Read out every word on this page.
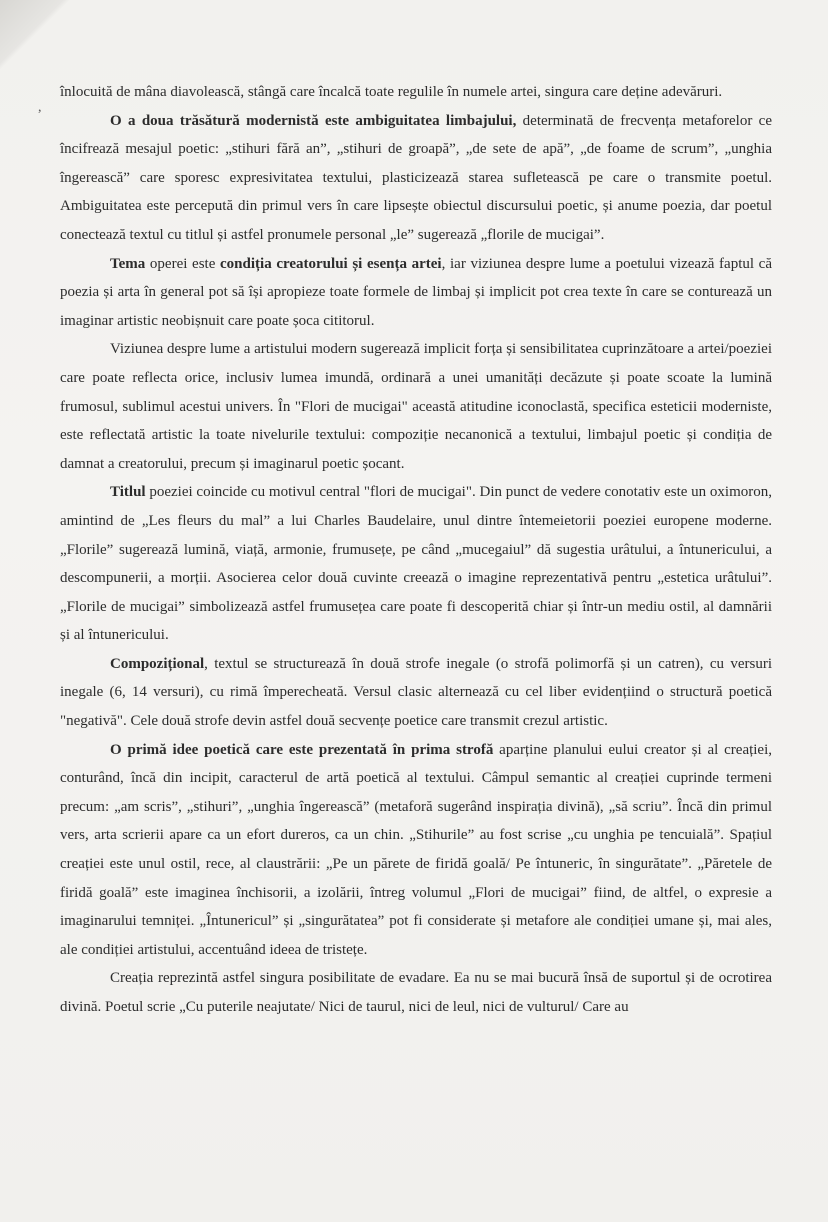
,

înlocuită de mâna diavolească, stângă care încalcă toate regulile în numele artei, singura care deține adevăruri.

O a doua trăsătură modernistă este ambiguitatea limbajului, determinată de frecvența metaforelor ce încifrează mesajul poetic: „stihuri fără an”, „stihuri de groapă”, „de sete de apă”, „de foame de scrum”, „unghia îngerească” care sporesc expresivitatea textului, plasticizează starea sufletească pe care o transmite poetul. Ambiguitatea este percepută din primul vers în care lipsește obiectul discursului poetic, și anume poezia, dar poetul conectează textul cu titlul și astfel pronumele personal „le” sugerează „florile de mucigai”.

Tema operei este condiția creatorului și esența artei, iar viziunea despre lume a poetului vizează faptul că poezia și arta în general pot să își apropieze toate formele de limbaj și implicit pot crea texte în care se conturează un imaginar artistic neobișnuit care poate șoca cititorul.

Viziunea despre lume a artistului modern sugerează implicit forța și sensibilitatea cuprinzătoare a artei/poeziei care poate reflecta orice, inclusiv lumea imundă, ordinară a unei umanități decăzute și poate scoate la lumină frumosul, sublimul acestui univers. În "Flori de mucigai" această atitudine iconoclastă, specifica esteticii moderniste, este reflectată artistic la toate nivelurile textului: compoziție necanonică a textului, limbajul poetic și condiția de damnat a creatorului, precum și imaginarul poetic șocant.

Titlul poeziei coincide cu motivul central "flori de mucigai". Din punct de vedere conotativ este un oximoron, amintind de „Les fleurs du mal” a lui Charles Baudelaire, unul dintre întemeietorii poeziei europene moderne. „Florile” sugerează lumină, viață, armonie, frumusețe, pe când „mucegaiul” dă sugestia urâtului, a întunericului, a descompunerii, a morții. Asocierea celor două cuvinte creează o imagine reprezentativă pentru „estetica urâtului”. „Florile de mucigai” simbolizează astfel frumusețea care poate fi descoperită chiar și într-un mediu ostil, al damnării și al întunericului.

Compozițional, textul se structurează în două strofe inegale (o strofă polimorfă și un catren), cu versuri inegale (6, 14 versuri), cu rimă împerecheată. Versul clasic alternează cu cel liber evidențiind o structură poetică "negativă". Cele două strofe devin astfel două secvențe poetice care transmit crezul artistic.

O primă idee poetică care este prezentată în prima strofă aparține planului eului creator și al creației, conturând, încă din incipit, caracterul de artă poetică al textului. Câmpul semantic al creației cuprinde termeni precum: „am scris”, „stihuri”, „unghia îngerească” (metaforă sugerând inspirația divină), „să scriu”. Încă din primul vers, arta scrierii apare ca un efort dureros, ca un chin. „Stihurile” au fost scrise „cu unghia pe tencuială”. Spațiul creației este unul ostil, rece, al claustrării: „Pe un părete de firidă goală/ Pe întuneric, în singurătate”. „Păretele de firidă goală” este imaginea închisorii, a izolării, întreg volumul „Flori de mucigai” fiind, de altfel, o expresie a imaginarului temniței. „Întunericul” și „singurătatea” pot fi considerate și metafore ale condiției umane și, mai ales, ale condiției artistului, accentuând ideea de tristețe.

Creația reprezintă astfel singura posibilitate de evadare. Ea nu se mai bucură însă de suportul și de ocrotirea divină. Poetul scrie „Cu puterile neajutate/ Nici de taurul, nici de leul, nici de vulturul/ Care au
